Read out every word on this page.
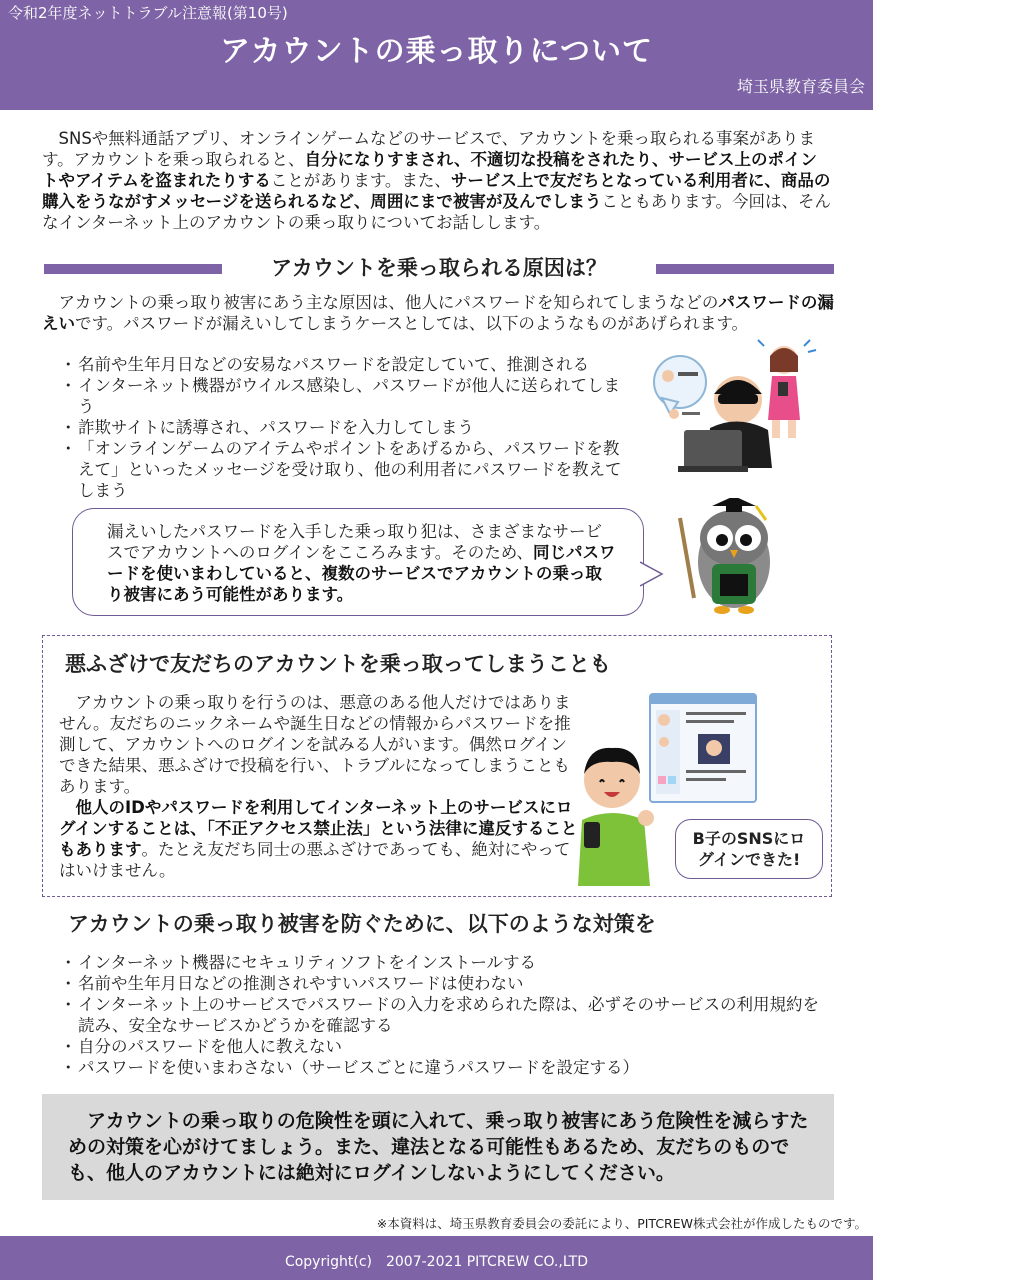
令和2年度ネットトラブル注意報(第10号)
アカウントの乗っ取りについて
埼玉県教育委員会

　SNSや無料通話アプリ、オンラインゲームなどのサービスで、アカウントを乗っ取られる事案があります。アカウントを乗っ取られると、自分になりすまされ、不適切な投稿をされたり、サービス上のポイントやアイテムを盗まれたりすることがあります。また、サービス上で友だちとなっている利用者に、商品の購入をうながすメッセージを送られるなど、周囲にまで被害が及んでしまうこともあります。今回は、そんなインターネット上のアカウントの乗っ取りについてお話しします。

アカウントを乗っ取られる原因は？

　アカウントの乗っ取り被害にあう主な原因は、他人にパスワードを知られてしまうなどのパスワードの漏えいです。パスワードが漏えいしてしまうケースとしては、以下のようなものがあげられます。

・ 名前や生年月日などの安易なパスワードを設定していて、推測される
・ インターネット機器がウイルス感染し、パスワードが他人に送られてしまう
・ 詐欺サイトに誘導され、パスワードを入力してしまう
・ 「オンラインゲームのアイテムやポイントをあげるから、パスワードを教えて」といったメッセージを受け取り、他の利用者にパスワードを教えてしまう

漏えいしたパスワードを入手した乗っ取り犯は、さまざまなサービスでアカウントへのログインをこころみます。そのため、同じパスワードを使いまわしていると、複数のサービスでアカウントの乗っ取り被害にあう可能性があります。

悪ふざけで友だちのアカウントを乗っ取ってしまうことも

　アカウントの乗っ取りを行うのは、悪意のある他人だけではありません。友だちのニックネームや誕生日などの情報からパスワードを推測して、アカウントへのログインを試みる人がいます。偶然ログインできた結果、悪ふざけで投稿を行い、トラブルになってしまうこともあります。
　他人のIDやパスワードを利用してインターネット上のサービスにログインすることは、「不正アクセス禁止法」という法律に違反することもあります。たとえ友だち同士の悪ふざけであっても、絶対にやってはいけません。

B子のSNSにロ
グインできた!
アカウントの乗っ取り被害を防ぐために、以下のような対策を
・ インターネット機器にセキュリティソフトをインストールする
・ 名前や生年月日などの推測されやすいパスワードは使わない
・ インターネット上のサービスでパスワードの入力を求められた際は、必ずそのサービスの利用規約を読み、安全なサービスかどうかを確認する
・ 自分のパスワードを他人に教えない
・ パスワードを使いまわさない（サービスごとに違うパスワードを設定する）

　アカウントの乗っ取りの危険性を頭に入れて、乗っ取り被害にあう危険性を減らすための対策を心がけてましょう。また、違法となる可能性もあるため、友だちのものでも、他人のアカウントには絶対にログインしないようにしてください。

※本資料は、埼玉県教育委員会の委託により、PITCREW株式会社が作成したものです。
Copyright(c)　2007-2021 PITCREW CO.,LTD
